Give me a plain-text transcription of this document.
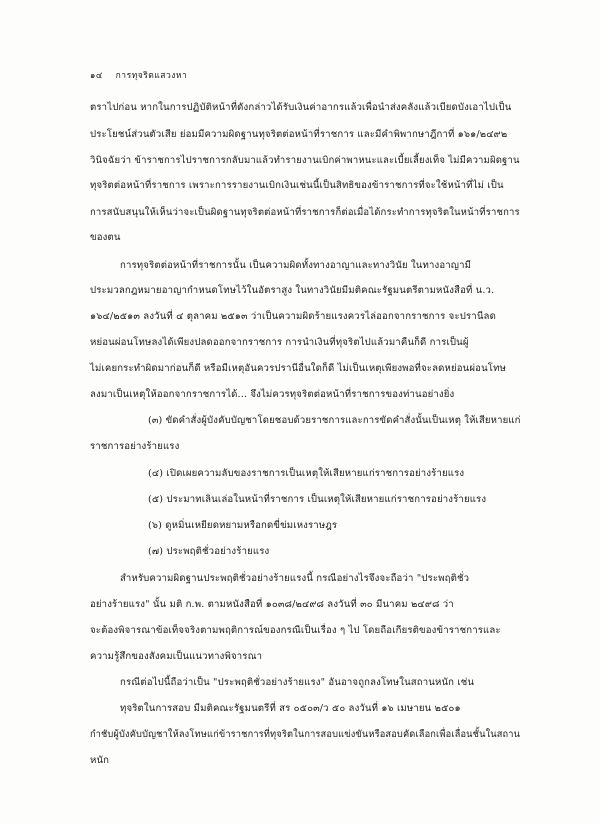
๑๔ การทุจริตแสวงหา
ตราไปก่อน หากในการปฏิบัติหน้าที่ดังกล่าวได้รับเงินค่าอากรแล้วเพื่อนำส่งคลังแล้วเบียดบังเอาไปเป็น
ประโยชน์ส่วนตัวเสีย ย่อมมีความผิดฐานทุจริตต่อหน้าที่ราชการ และมีคำพิพากษาฎีกาที่ ๑๖๑/๒๔๙๒
วินิจฉัยว่า ข้าราชการไปราชการกลับมาแล้วทำรายงานเบิกค่าพาหนะและเบี้ยเลี้ยงเท็จ ไม่มีความผิดฐาน
ทุจริตต่อหน้าที่ราชการ เพราะการรายงานเบิกเงินเช่นนี้เป็นสิทธิของข้าราชการที่จะใช้หน้าที่ไม่ เป็น
การสนับสนุนให้เห็นว่าจะเป็นผิดฐานทุจริตต่อหน้าที่ราชการก็ต่อเมื่อได้กระทำการทุจริตในหน้าที่ราชการ
ของตน
การทุจริตต่อหน้าที่ราชการนั้น เป็นความผิดทั้งทางอาญาและทางวินัย ในทางอาญามี
ประมวลกฎหมายอาญากำหนดโทษไว้ในอัตราสูง ในทางวินัยมีมติคณะรัฐมนตรีตามหนังสือที่ น.ว.
๑๖๔/๒๕๑๓ ลงวันที่ ๔ ตุลาคม ๒๕๑๓ ว่าเป็นความผิดร้ายแรงควรไล่ออกจากราชการ จะปรานีลด
หย่อนผ่อนโทษลงได้เพียงปลดออกจากราชการ การนำเงินที่ทุจริตไปแล้วมาคืนก็ดี การเป็นผู้
ไม่เคยกระทำผิดมาก่อนก็ดี หรือมีเหตุอันควรปรานีอื่นใดก็ดี ไม่เป็นเหตุเพียงพอที่จะลดหย่อนผ่อนโทษ
ลงมาเป็นเหตุให้ออกจากราชการได้... จึงไม่ควรทุจริตต่อหน้าที่ราชการของท่านอย่างยิ่ง
(๓) ขัดคำสั่งผู้บังคับบัญชาโดยชอบด้วยราชการและการขัดคำสั่งนั้นเป็นเหตุ ให้เสียหายแก่
ราชการอย่างร้ายแรง
(๔) เปิดเผยความลับของราชการเป็นเหตุให้เสียหายแก่ราชการอย่างร้ายแรง
(๕) ประมาทเลินเล่อในหน้าที่ราชการ เป็นเหตุให้เสียหายแก่ราชการอย่างร้ายแรง
(๖) ดูหมิ่นเหยียดหยามหรือกดขี่ข่มเหงราษฎร
(๗) ประพฤติชั่วอย่างร้ายแรง
สำหรับความผิดฐานประพฤติชั่วอย่างร้ายแรงนี้ กรณีอย่างไรจึงจะถือว่า "ประพฤติชั่ว
อย่างร้ายแรง" นั้น มติ ก.พ. ตามหนังสือที่ ๑๐๓๘/๒๔๙๘ ลงวันที่ ๓๐ มีนาคม ๒๔๙๘ ว่า
จะต้องพิจารณาข้อเท็จจริงตามพฤติการณ์ของกรณีเป็นเรื่อง ๆ ไป โดยถือเกียรติของข้าราชการและ
ความรู้สึกของสังคมเป็นแนวทางพิจารณา
กรณีต่อไปนี้ถือว่าเป็น "ประพฤติชั่วอย่างร้ายแรง" อันอาจถูกลงโทษในสถานหนัก เช่น
ทุจริตในการสอบ มีมติคณะรัฐมนตรีที่ สร ๐๕๐๓/ว ๕๐ ลงวันที่ ๑๖ เมษายน ๒๕๐๑
กำชับผู้บังคับบัญชาให้ลงโทษแก่ข้าราชการที่ทุจริตในการสอบแข่งขันหรือสอบคัดเลือกเพื่อเลื่อนชั้นในสถาน
หนัก
